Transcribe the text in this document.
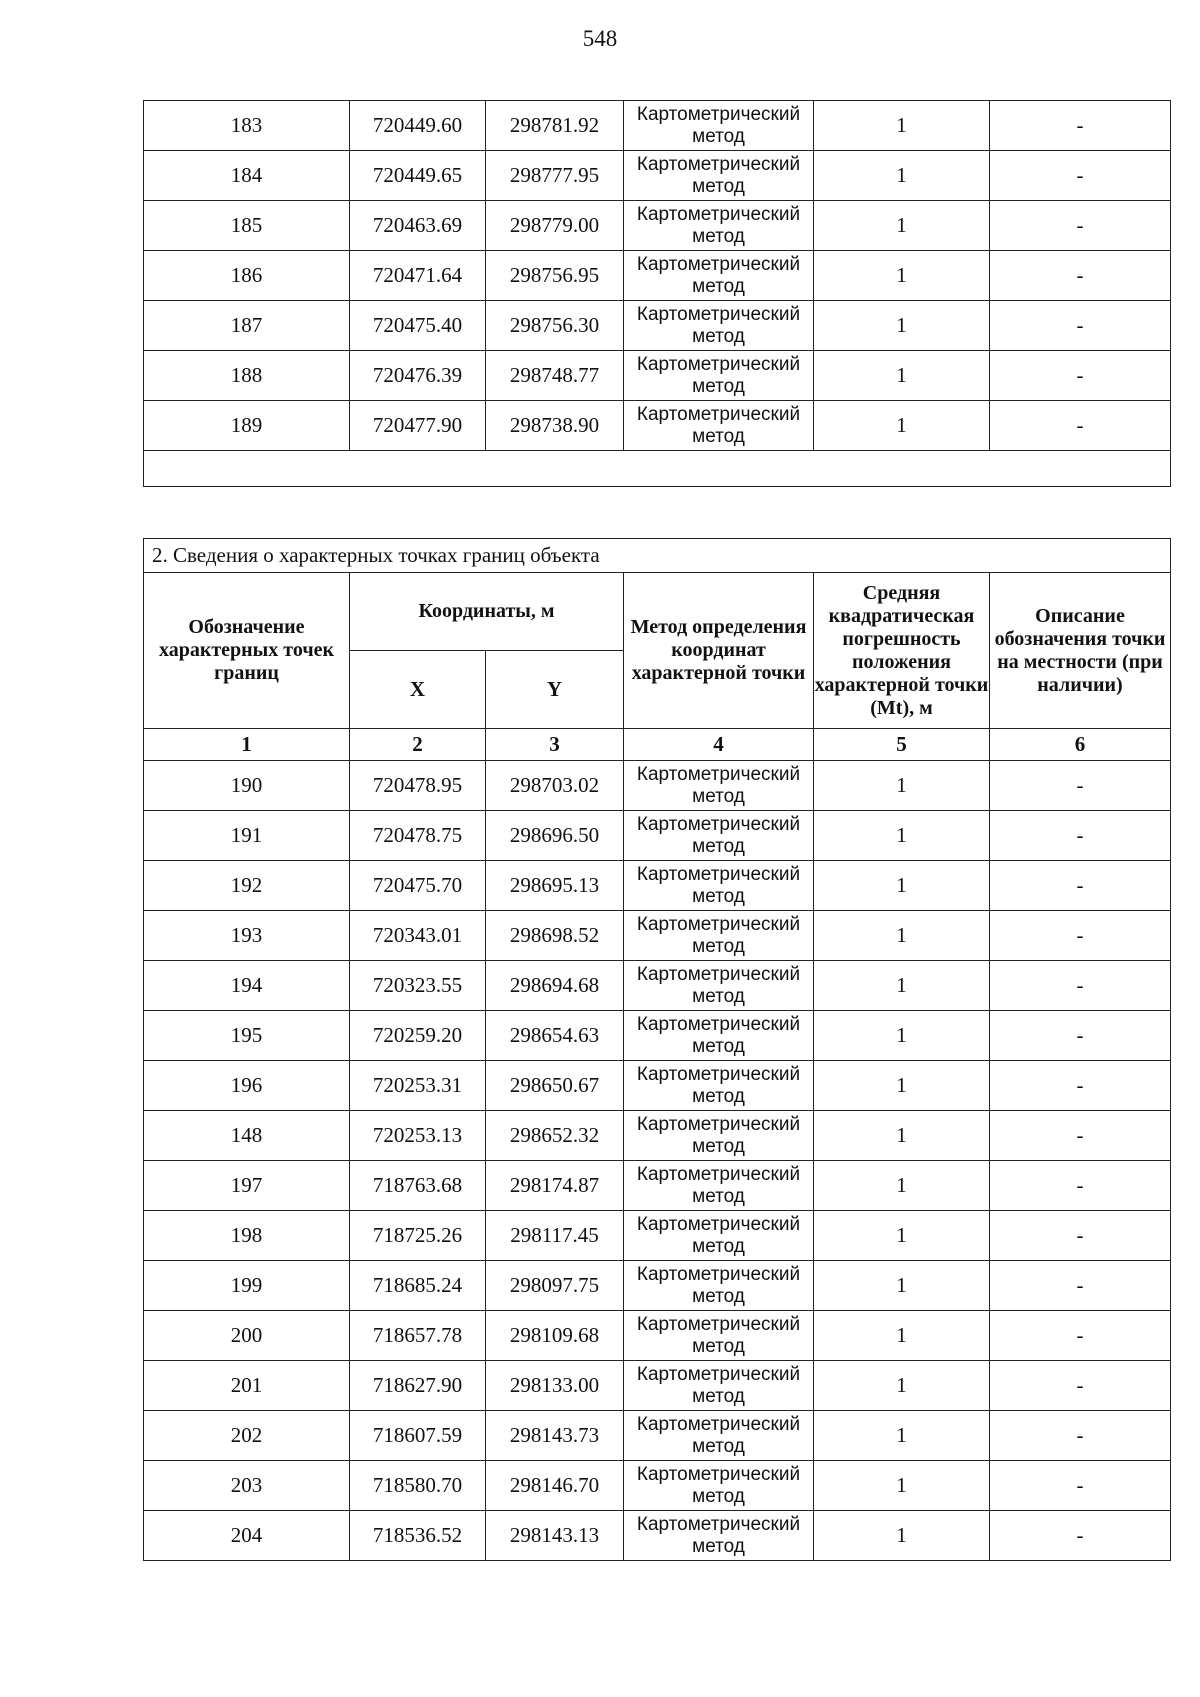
548
183	720449.60	298781.92	Картометрический метод	1	-
184	720449.65	298777.95	Картометрический метод	1	-
185	720463.69	298779.00	Картометрический метод	1	-
186	720471.64	298756.95	Картометрический метод	1	-
187	720475.40	298756.30	Картометрический метод	1	-
188	720476.39	298748.77	Картометрический метод	1	-
189	720477.90	298738.90	Картометрический метод	1	-

2. Сведения о характерных точках границ объекта					
Обозначение характерных точек границ	Координаты, м		Метод определения координат характерной точки	Средняя квадратическая погрешность положения характерной точки (Mt), м	Описание обозначения точки на местности (при наличии)
	X	Y			
1	2	3	4	5	6
190	720478.95	298703.02	Картометрический метод	1	-
191	720478.75	298696.50	Картометрический метод	1	-
192	720475.70	298695.13	Картометрический метод	1	-
193	720343.01	298698.52	Картометрический метод	1	-
194	720323.55	298694.68	Картометрический метод	1	-
195	720259.20	298654.63	Картометрический метод	1	-
196	720253.31	298650.67	Картометрический метод	1	-
148	720253.13	298652.32	Картометрический метод	1	-
197	718763.68	298174.87	Картометрический метод	1	-
198	718725.26	298117.45	Картометрический метод	1	-
199	718685.24	298097.75	Картометрический метод	1	-
200	718657.78	298109.68	Картометрический метод	1	-
201	718627.90	298133.00	Картометрический метод	1	-
202	718607.59	298143.73	Картометрический метод	1	-
203	718580.70	298146.70	Картометрический метод	1	-
204	718536.52	298143.13	Картометрический метод	1	-
